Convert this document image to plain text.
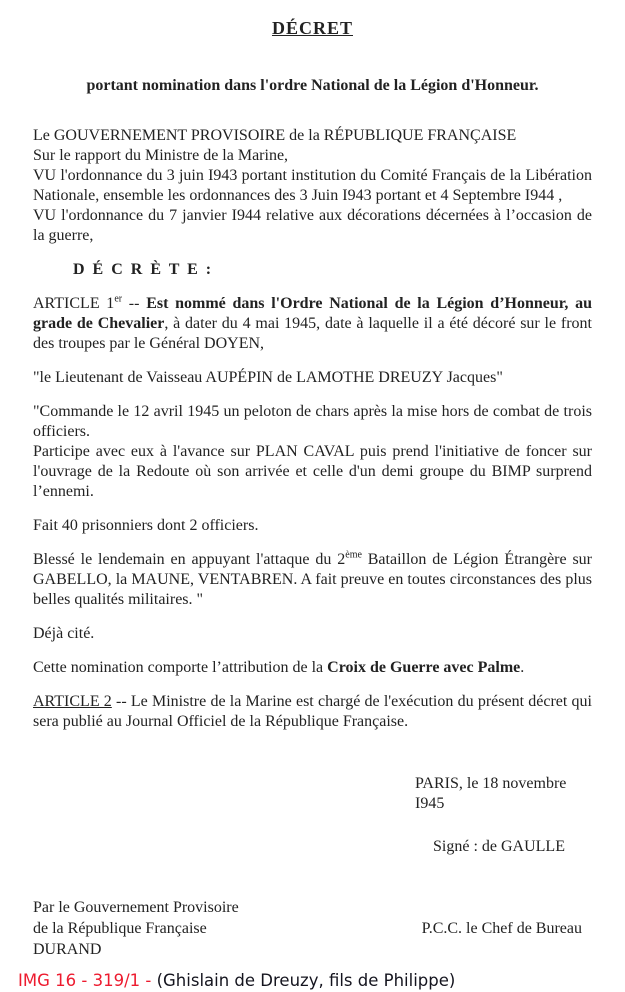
DÉCRET

portant nomination dans l'ordre National de la Légion d'Honneur.

Le GOUVERNEMENT PROVISOIRE de la RÉPUBLIQUE FRANÇAISE

Sur le rapport du Ministre de la Marine,

VU l'ordonnance du 3 juin I943 portant institution du Comité Français de la Libération Nationale, ensemble les ordonnances des 3 Juin I943 portant et 4 Septembre I944 ,

VU l'ordonnance du 7 janvier I944 relative aux décorations décernées à l’occasion de la guerre,

D É C R È T E :

ARTICLE 1er -- Est nommé dans l'Ordre National de la Légion d’Honneur, au grade de Chevalier, à dater du 4 mai 1945, date à laquelle il a été décoré sur le front des troupes par le Général DOYEN,

"le Lieutenant de Vaisseau AUPÉPIN de LAMOTHE DREUZY Jacques"

"Commande le 12 avril 1945 un peloton de chars après la mise hors de combat de trois officiers.
Participe avec eux à l'avance sur PLAN CAVAL puis prend l'initiative de foncer sur l'ouvrage de la Redoute où son arrivée et celle d'un demi groupe du BIMP surprend l’ennemi.

Fait 40 prisonniers dont 2 officiers.

Blessé le lendemain en appuyant l'attaque du 2ème Bataillon de Légion Étrangère sur GABELLO, la MAUNE, VENTABREN. A fait preuve en toutes circonstances des plus belles qualités militaires. "

Déjà cité.

Cette nomination comporte l’attribution de la Croix de Guerre avec Palme.

ARTICLE 2 -- Le Ministre de la Marine est chargé de l'exécution du présent décret qui sera publié au Journal Officiel de la République Française.

PARIS, le 18 novembre I945

Signé : de GAULLE

Par le Gouvernement Provisoire

de la République Française

DURAND

P.C.C. le Chef de Bureau
IMG 16 - 319/1 - (Ghislain de Dreuzy, fils de Philippe)
